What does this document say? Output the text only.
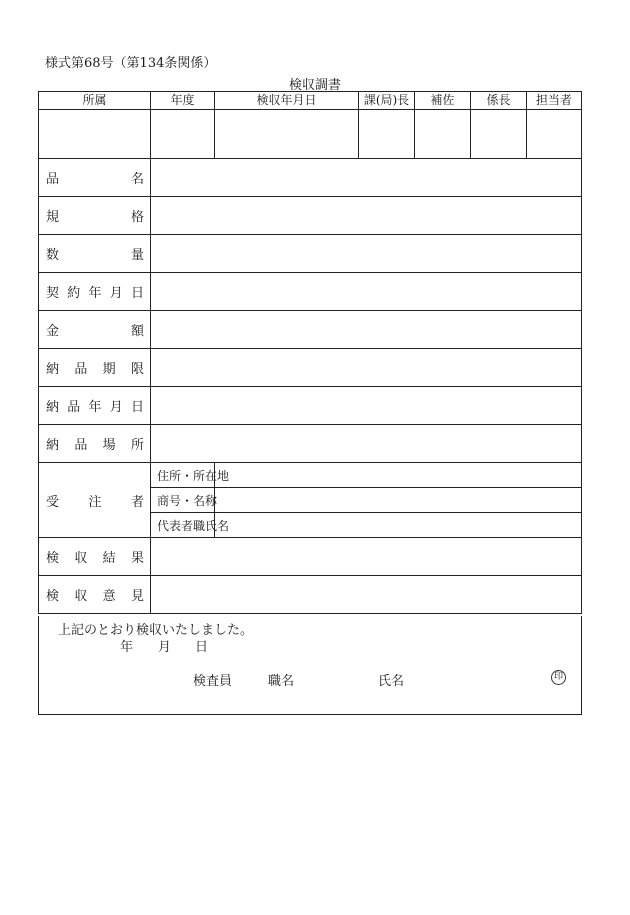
様式第68号（第134条関係）
検収調書
所属	年度	検収年月日	課(局)長	補佐	係長	担当者

品 名						

規 格						

数 量						

契 約 年 月 日						

金 額						

納 品 期 限						

納 品 年 月 日						

納 品 場 所						

受 注 者	住所・所在地					
	商号・名称					
	代表者職氏名					

検 収 結 果						

検 収 意 見						

上記のとおり検収いたしました。
年 月 日
検査員	職名	氏名	印
